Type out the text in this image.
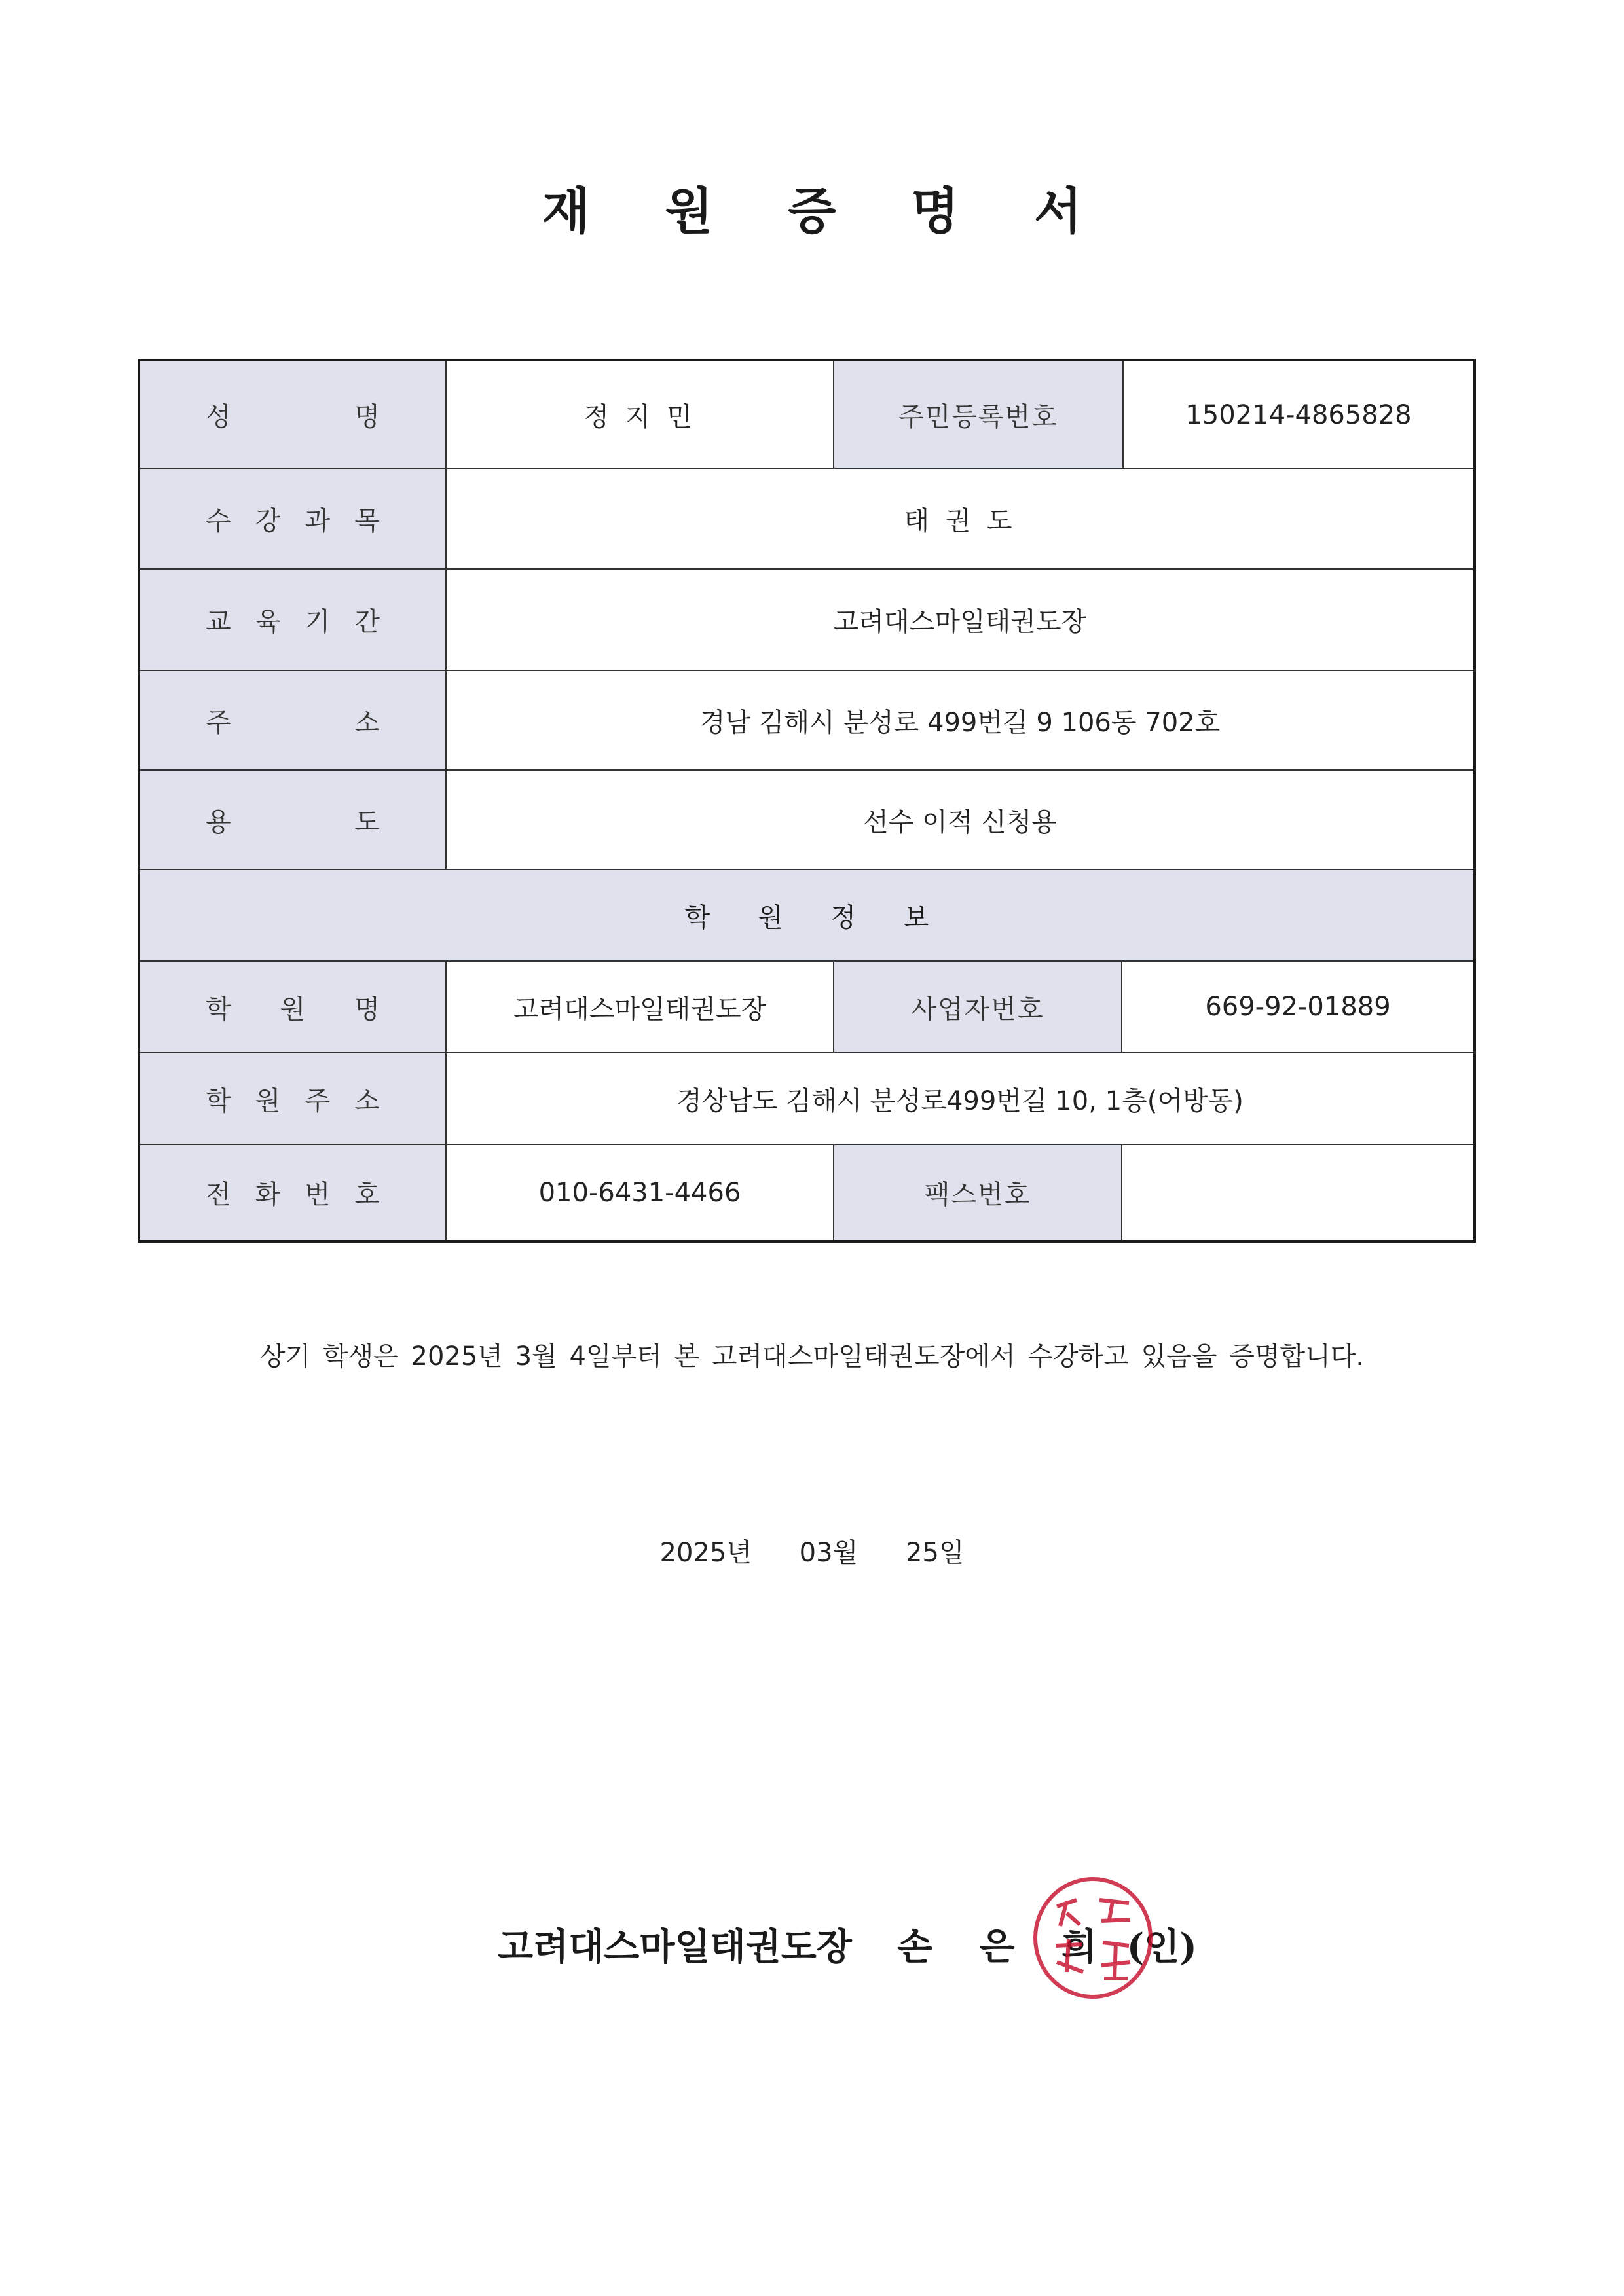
재 원 증 명 서
성	명	정 지 민	주민등록번호	150214-4865828
수 강 과 목	태 권 도
교 육 기 간	고려대스마일태권도장
주	소	경남 김해시 분성로 499번길 9 106동 702호
용	도	선수 이적 신청용
학 원 정 보
학 원 명	고려대스마일태권도장	사업자번호	669-92-01889
학 원 주 소	경상남도 김해시 분성로499번길 10, 1층(어방동)
전 화 번 호	010-6431-4466	팩스번호
상기 학생은 2025년 3월 4일부터 본 고려대스마일태권도장에서 수강하고 있음을 증명합니다.
2025년 03월 25일
고려대스마일태권도장 손 은 희 (인)
